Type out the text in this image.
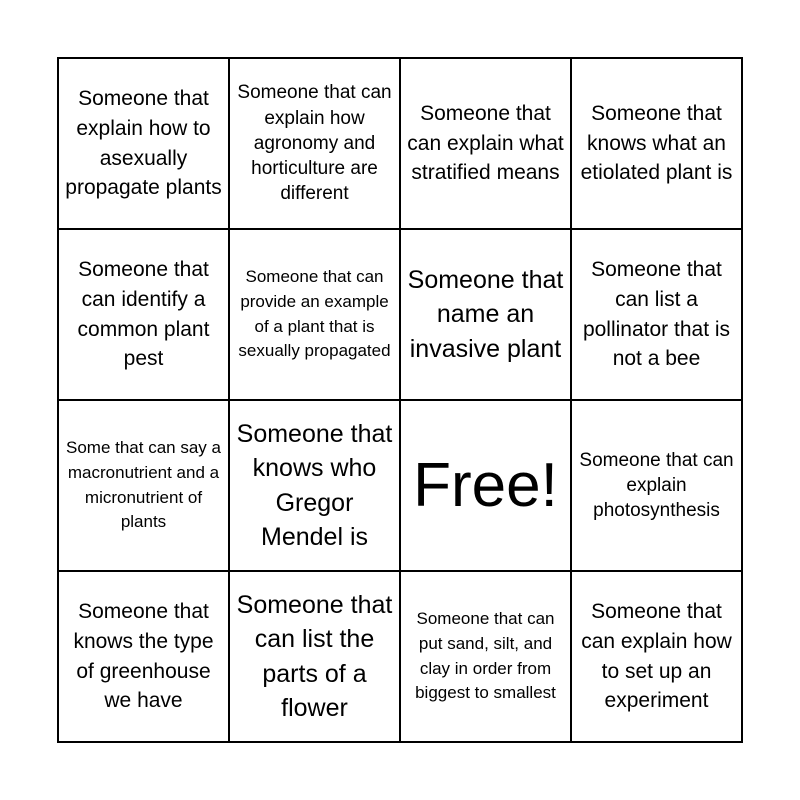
Someone that explain how to asexually propagate plants
Someone that can explain how agronomy and horticulture are different
Someone that can explain what stratified means
Someone that knows what an etiolated plant is
Someone that can identify a common plant pest
Someone that can provide an example of a plant that is sexually propagated
Someone that name an invasive plant
Someone that can list a pollinator that is not a bee
Some that can say a macronutrient and a micronutrient of plants
Someone that knows who Gregor Mendel is
Free!	Someone that can explain photosynthesis
Someone that knows the type of greenhouse we have
Someone that can list the parts of a flower
Someone that can put sand, silt, and clay in order from biggest to smallest
Someone that can explain how to set up an experiment
